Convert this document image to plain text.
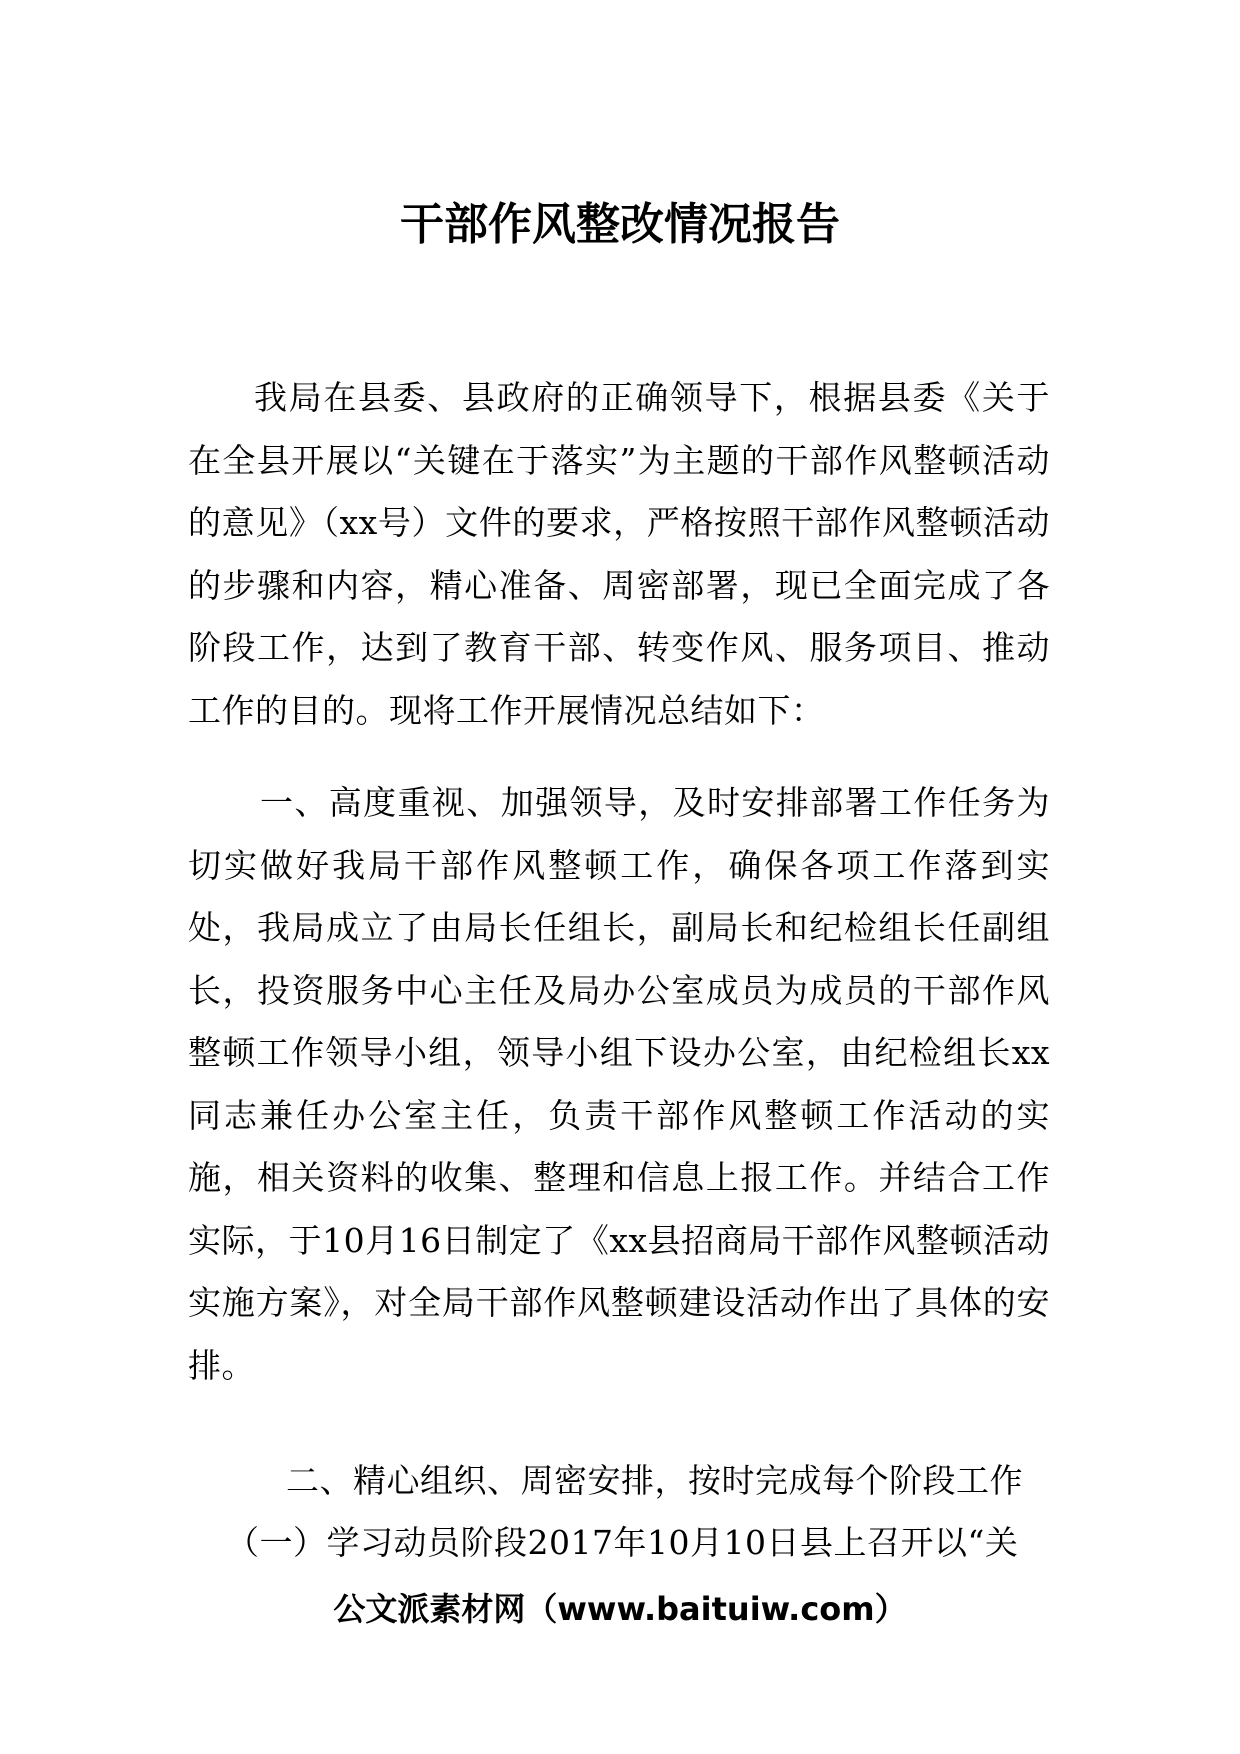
干部作风整改情况报告

我局在县委、县政府的正确领导下，根据县委《关于在全县开展以“关键在于落实”为主题的干部作风整顿活动的意见》（xx号）文件的要求，严格按照干部作风整顿活动的步骤和内容，精心准备、周密部署，现已全面完成了各阶段工作，达到了教育干部、转变作风、服务项目、推动工作的目的。现将工作开展情况总结如下：

一、高度重视、加强领导，及时安排部署工作任务为切实做好我局干部作风整顿工作，确保各项工作落到实处，我局成立了由局长任组长，副局长和纪检组长任副组长，投资服务中心主任及局办公室成员为成员的干部作风整顿工作领导小组，领导小组下设办公室，由纪检组长xx同志兼任办公室主任，负责干部作风整顿工作活动的实施，相关资料的收集、整理和信息上报工作。并结合工作实际，于10月16日制定了《xx县招商局干部作风整顿活动实施方案》，对全局干部作风整顿建设活动作出了具体的安排。

二、精心组织、周密安排，按时完成每个阶段工作

（一）学习动员阶段2017年10月10日县上召开以“关

公文派素材网（www.baituiw.com）
